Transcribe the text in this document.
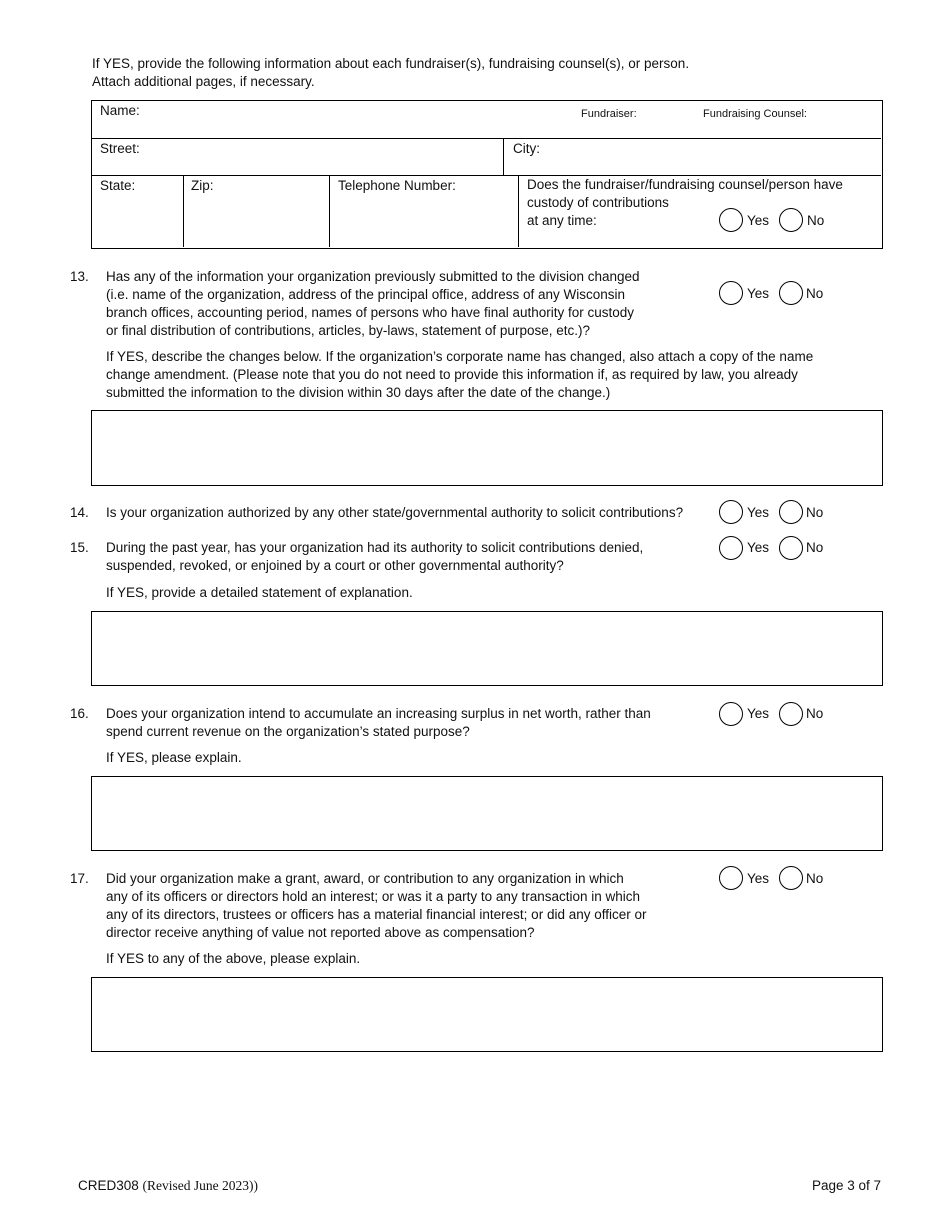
If YES, provide the following information about each fundraiser(s), fundraising counsel(s), or person.
Attach additional pages, if necessary.
Name:	Fundraiser:	Fundraising Counsel:
Street:	City:
State:	Zip:	Telephone Number:	Does the fundraiser/fundraising counsel/person have
custody of contributions
at any time:	Yes	No
13. Has any of the information your organization previously submitted to the division changed
(i.e. name of the organization, address of the principal office, address of any Wisconsin
branch offices, accounting period, names of persons who have final authority for custody
or final distribution of contributions, articles, by-laws, statement of purpose, etc.)?
Yes	No
If YES, describe the changes below. If the organization’s corporate name has changed, also attach a copy of the name
change amendment. (Please note that you do not need to provide this information if, as required by law, you already
submitted the information to the division within 30 days after the date of the change.)
14. Is your organization authorized by any other state/governmental authority to solicit contributions?	Yes	No
15. During the past year, has your organization had its authority to solicit contributions denied,
suspended, revoked, or enjoined by a court or other governmental authority?
Yes	No
If YES, provide a detailed statement of explanation.
16. Does your organization intend to accumulate an increasing surplus in net worth, rather than
spend current revenue on the organization’s stated purpose?
Yes	No
If YES, please explain.
17. Did your organization make a grant, award, or contribution to any organization in which
any of its officers or directors hold an interest; or was it a party to any transaction in which
any of its directors, trustees or officers has a material financial interest; or did any officer or
director receive anything of value not reported above as compensation?
Yes	No
If YES to any of the above, please explain.
CRED308 (Revised June 2023))	Page 3 of 7
